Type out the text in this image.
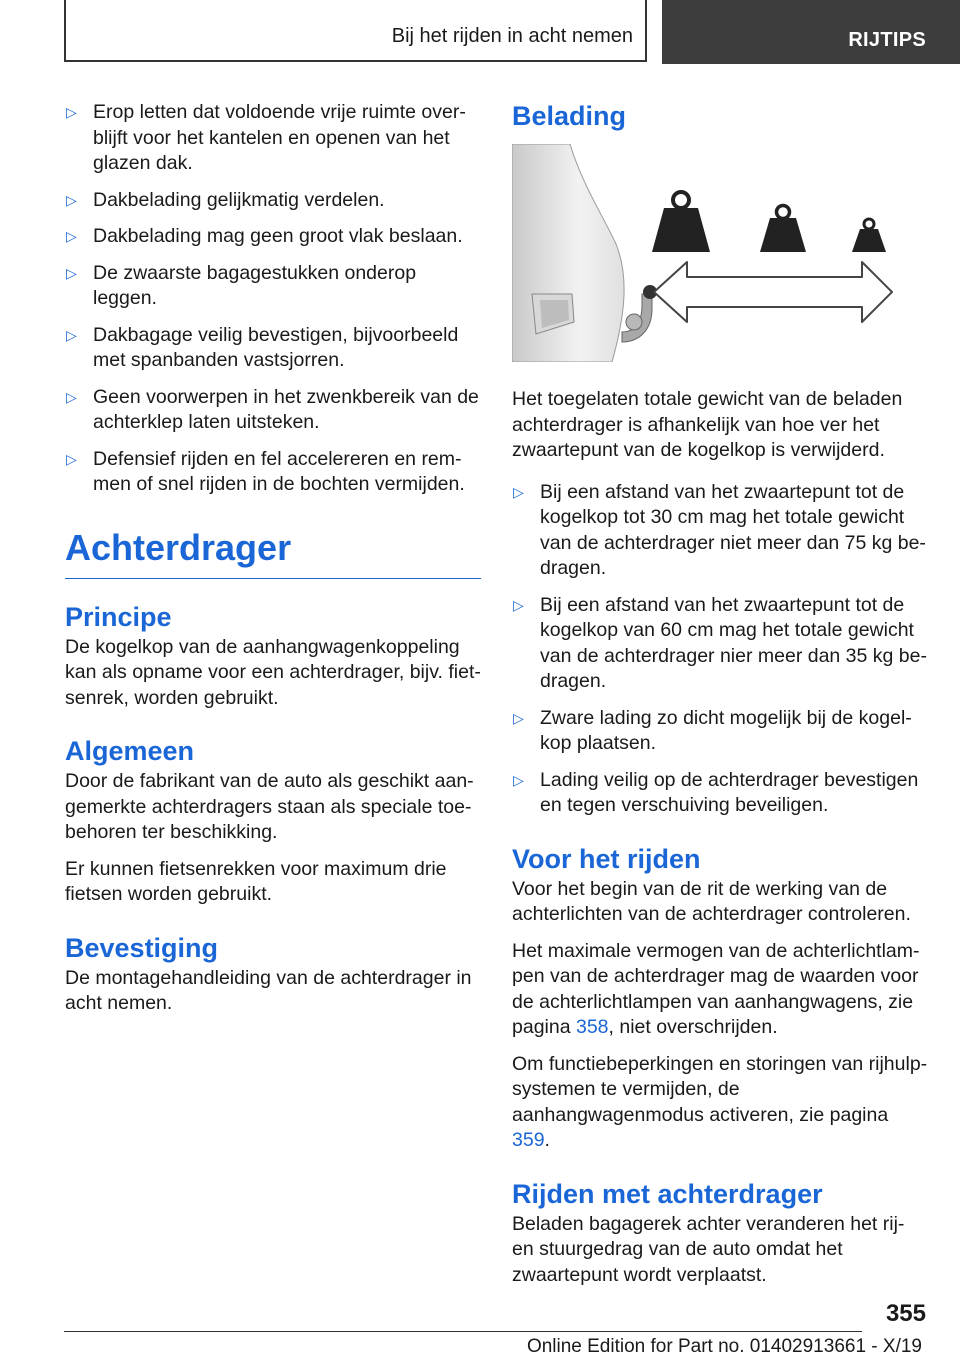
Bij het rijden in acht nemen	RIJTIPS
▷ Erop letten dat voldoende vrije ruimte overblijft voor het kantelen en openen van het glazen dak.
▷ Dakbelading gelijkmatig verdelen.
▷ Dakbelading mag geen groot vlak beslaan.
▷ De zwaarste bagagestukken onderop leggen.
▷ Dakbagage veilig bevestigen, bijvoorbeeld met spanbanden vastsjorren.
▷ Geen voorwerpen in het zwenkbereik van de achterklep laten uitsteken.
▷ Defensief rijden en fel accelereren en remmen of snel rijden in de bochten vermijden.
Achterdrager
Principe

De kogelkop van de aanhangwagenkoppeling kan als opname voor een achterdrager, bijv. fietsenrek, worden gebruikt.

Algemeen

Door de fabrikant van de auto als geschikt aangemerkte achterdragers staan als speciale toebehoren ter beschikking.

Er kunnen fietsenrekken voor maximum drie fietsen worden gebruikt.

Bevestiging

De montagehandleiding van de achterdrager in acht nemen.

Belading

Het toegelaten totale gewicht van de beladen achterdrager is afhankelijk van hoe ver het zwaartepunt van de kogelkop is verwijderd.

▷ Bij een afstand van het zwaartepunt tot de kogelkop tot 30 cm mag het totale gewicht van de achterdrager niet meer dan 75 kg bedragen.
▷ Bij een afstand van het zwaartepunt tot de kogelkop van 60 cm mag het totale gewicht van de achterdrager nier meer dan 35 kg bedragen.
▷ Zware lading zo dicht mogelijk bij de kogelkop plaatsen.
▷ Lading veilig op de achterdrager bevestigen en tegen verschuiving beveiligen.
Voor het rijden

Voor het begin van de rit de werking van de achterlichten van de achterdrager controleren.

Het maximale vermogen van de achterlichtlampen van de achterdrager mag de waarden voor de achterlichtlampen van aanhangwagens, zie pagina 358, niet overschrijden.

Om functiebeperkingen en storingen van rijhulpsystemen te vermijden, de aanhangwagenmodus activeren, zie pagina 359.

Rijden met achterdrager

Beladen bagagerek achter veranderen het rij- en stuurgedrag van de auto omdat het zwaartepunt wordt verplaatst.

355
Online Edition for Part no. 01402913661 - X/19
